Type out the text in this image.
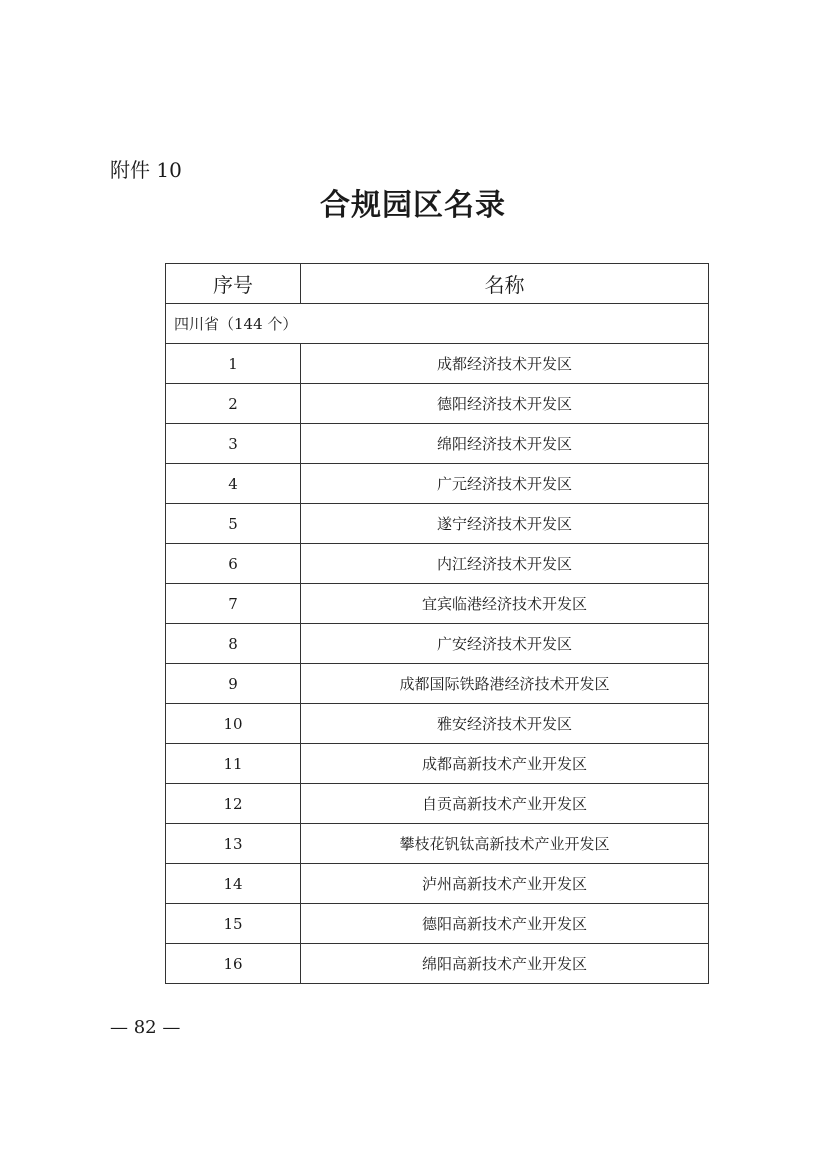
附件 10
合规园区名录
序号	名称
四川省（144 个）	
1	成都经济技术开发区
2	德阳经济技术开发区
3	绵阳经济技术开发区
4	广元经济技术开发区
5	遂宁经济技术开发区
6	内江经济技术开发区
7	宜宾临港经济技术开发区
8	广安经济技术开发区
9	成都国际铁路港经济技术开发区
10	雅安经济技术开发区
11	成都高新技术产业开发区
12	自贡高新技术产业开发区
13	攀枝花钒钛高新技术产业开发区
14	泸州高新技术产业开发区
15	德阳高新技术产业开发区
16	绵阳高新技术产业开发区
— 82 —
